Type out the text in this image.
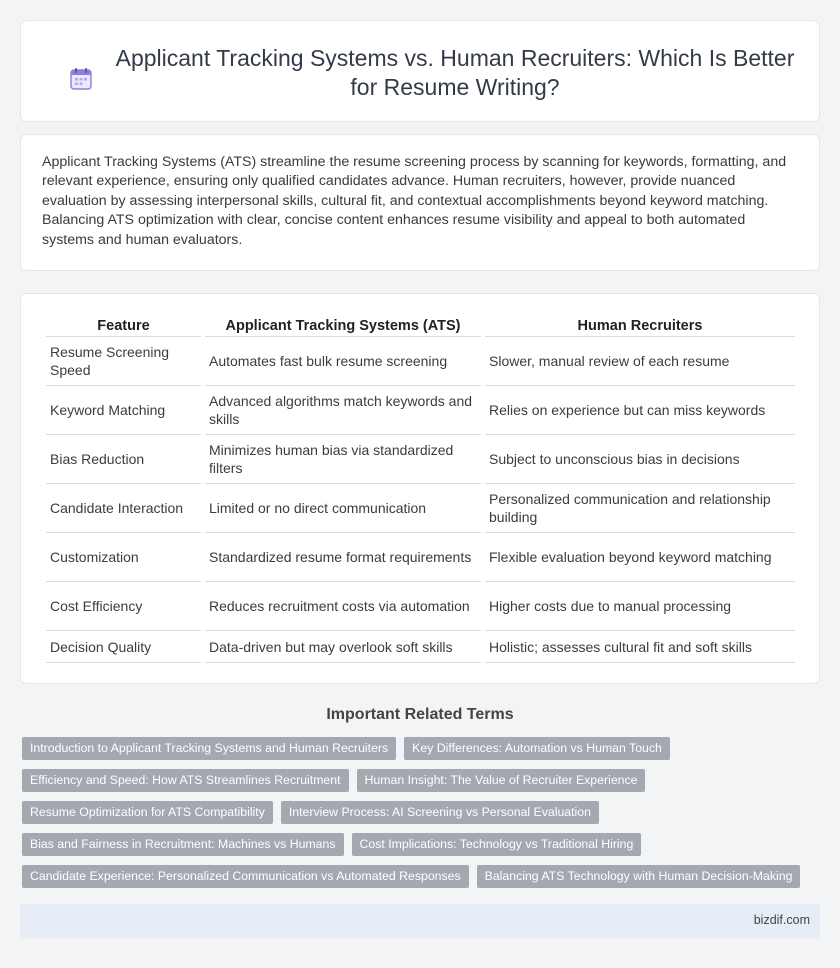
Applicant Tracking Systems vs. Human Recruiters: Which Is Better for Resume Writing?

Applicant Tracking Systems (ATS) streamline the resume screening process by scanning for keywords, formatting, and relevant experience, ensuring only qualified candidates advance. Human recruiters, however, provide nuanced evaluation by assessing interpersonal skills, cultural fit, and contextual accomplishments beyond keyword matching. Balancing ATS optimization with clear, concise content enhances resume visibility and appeal to both automated systems and human evaluators.

Feature	Applicant Tracking Systems (ATS)	Human Recruiters
Resume Screening Speed	Automates fast bulk resume screening	Slower, manual review of each resume
Keyword Matching	Advanced algorithms match keywords and skills	Relies on experience but can miss keywords
Bias Reduction	Minimizes human bias via standardized filters	Subject to unconscious bias in decisions
Candidate Interaction	Limited or no direct communication	Personalized communication and relationship building
Customization	Standardized resume format requirements	Flexible evaluation beyond keyword matching
Cost Efficiency	Reduces recruitment costs via automation	Higher costs due to manual processing
Decision Quality	Data-driven but may overlook soft skills	Holistic; assesses cultural fit and soft skills
Important Related Terms
Introduction to Applicant Tracking Systems and Human Recruiters	Key Differences: Automation vs Human Touch
Efficiency and Speed: How ATS Streamlines Recruitment	Human Insight: The Value of Recruiter Experience
Resume Optimization for ATS Compatibility	Interview Process: AI Screening vs Personal Evaluation
Bias and Fairness in Recruitment: Machines vs Humans	Cost Implications: Technology vs Traditional Hiring
Candidate Experience: Personalized Communication vs Automated Responses	Balancing ATS Technology with Human Decision-Making
bizdif.com
